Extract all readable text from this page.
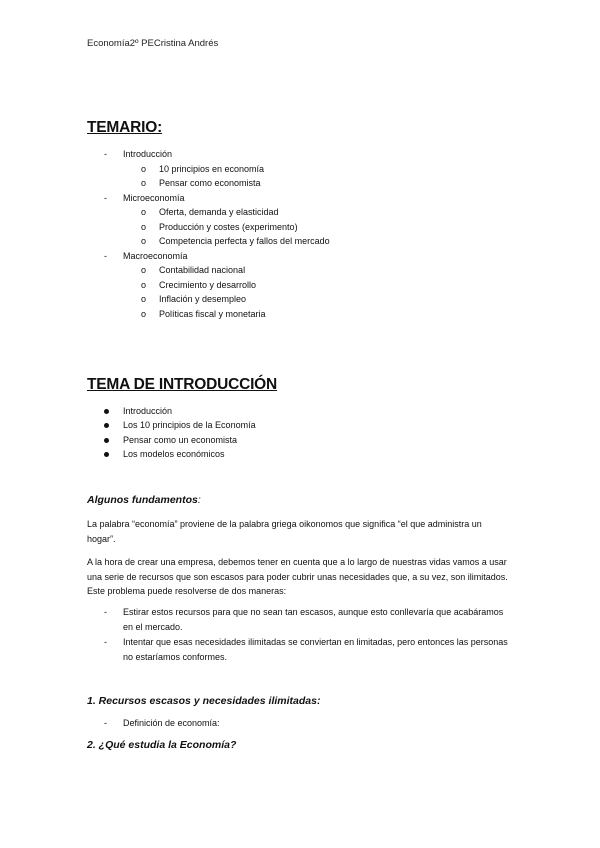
Economía2º PECristina Andrés
TEMARIO:
- Introducción
o 10 principios en economía
o Pensar como economista
- Microeconomía
o Oferta, demanda y elasticidad
o Producción y costes (experimento)
o Competencia perfecta y fallos del mercado
- Macroeconomía
o Contabilidad nacional
o Crecimiento y desarrollo
o Inflación y desempleo
o Políticas fiscal y monetaria
TEMA DE INTRODUCCIÓN
Introducción
Los 10 principios de la Economía
Pensar como un economista
Los modelos económicos
Algunos fundamentos:

La palabra “economía” proviene de la palabra griega oikonomos que significa “el que administra un hogar”.

A la hora de crear una empresa, debemos tener en cuenta que a lo largo de nuestras vidas vamos a usar una serie de recursos que son escasos para poder cubrir unas necesidades que, a su vez, son ilimitados. Este problema puede resolverse de dos maneras:

- Estirar estos recursos para que no sean tan escasos, aunque esto conllevaría que acabáramos en el mercado.
- Intentar que esas necesidades ilimitadas se conviertan en limitadas, pero entonces las personas no estaríamos conformes.
1. Recursos escasos y necesidades ilimitadas:
- Definición de economía:
2. ¿Qué estudia la Economía?
